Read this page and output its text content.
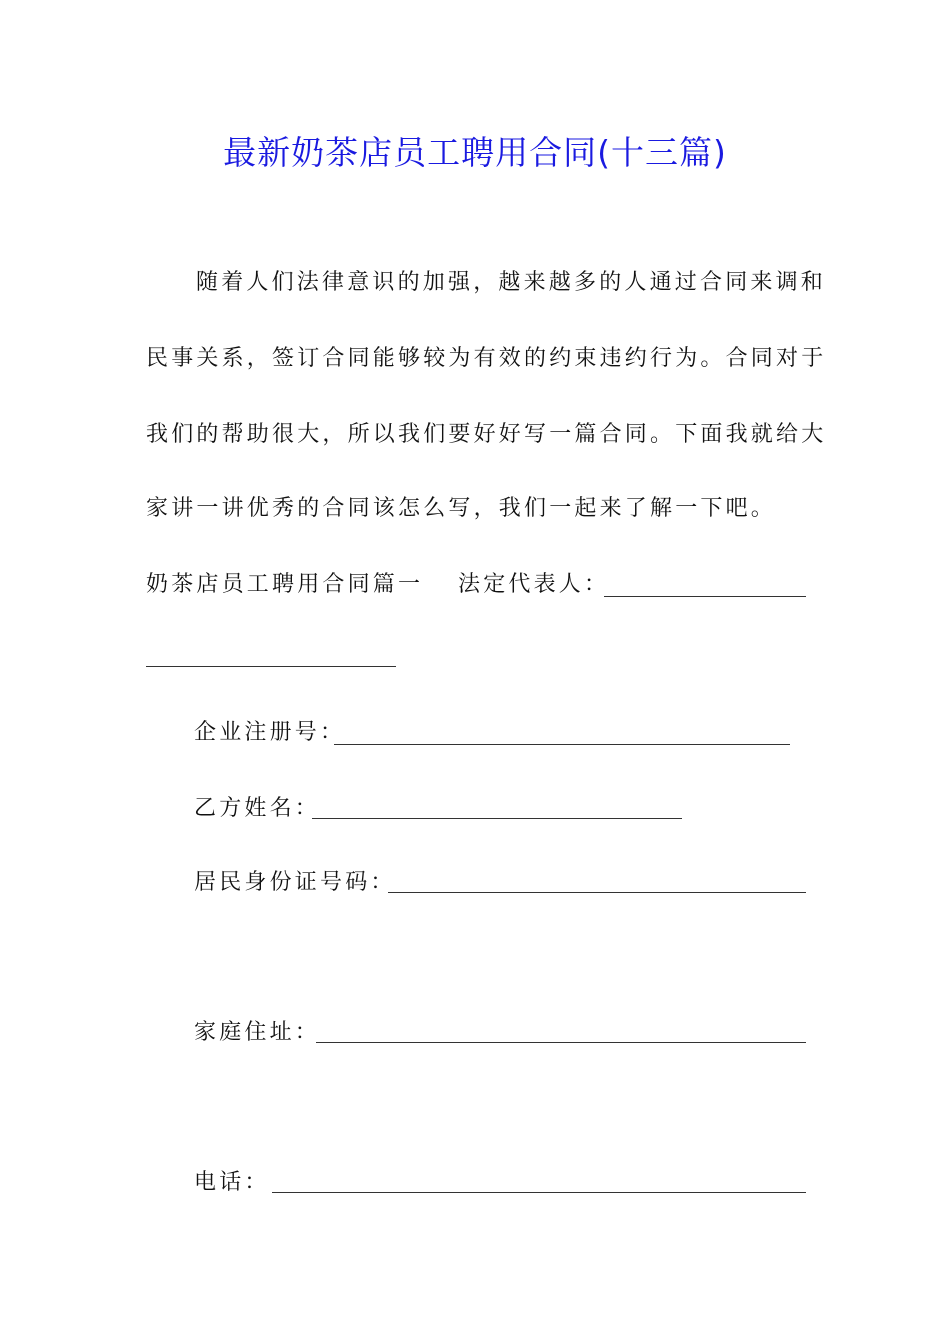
最新奶茶店员工聘用合同(十三篇)
随着人们法律意识的加强，越来越多的人通过合同来调和
民事关系，签订合同能够较为有效的约束违约行为。合同对于
我们的帮助很大，所以我们要好好写一篇合同。下面我就给大
家讲一讲优秀的合同该怎么写，我们一起来了解一下吧。
奶茶店员工聘用合同篇一 法定代表人：
企业注册号：
乙方姓名：
居民身份证号码：
家庭住址：
电话：
